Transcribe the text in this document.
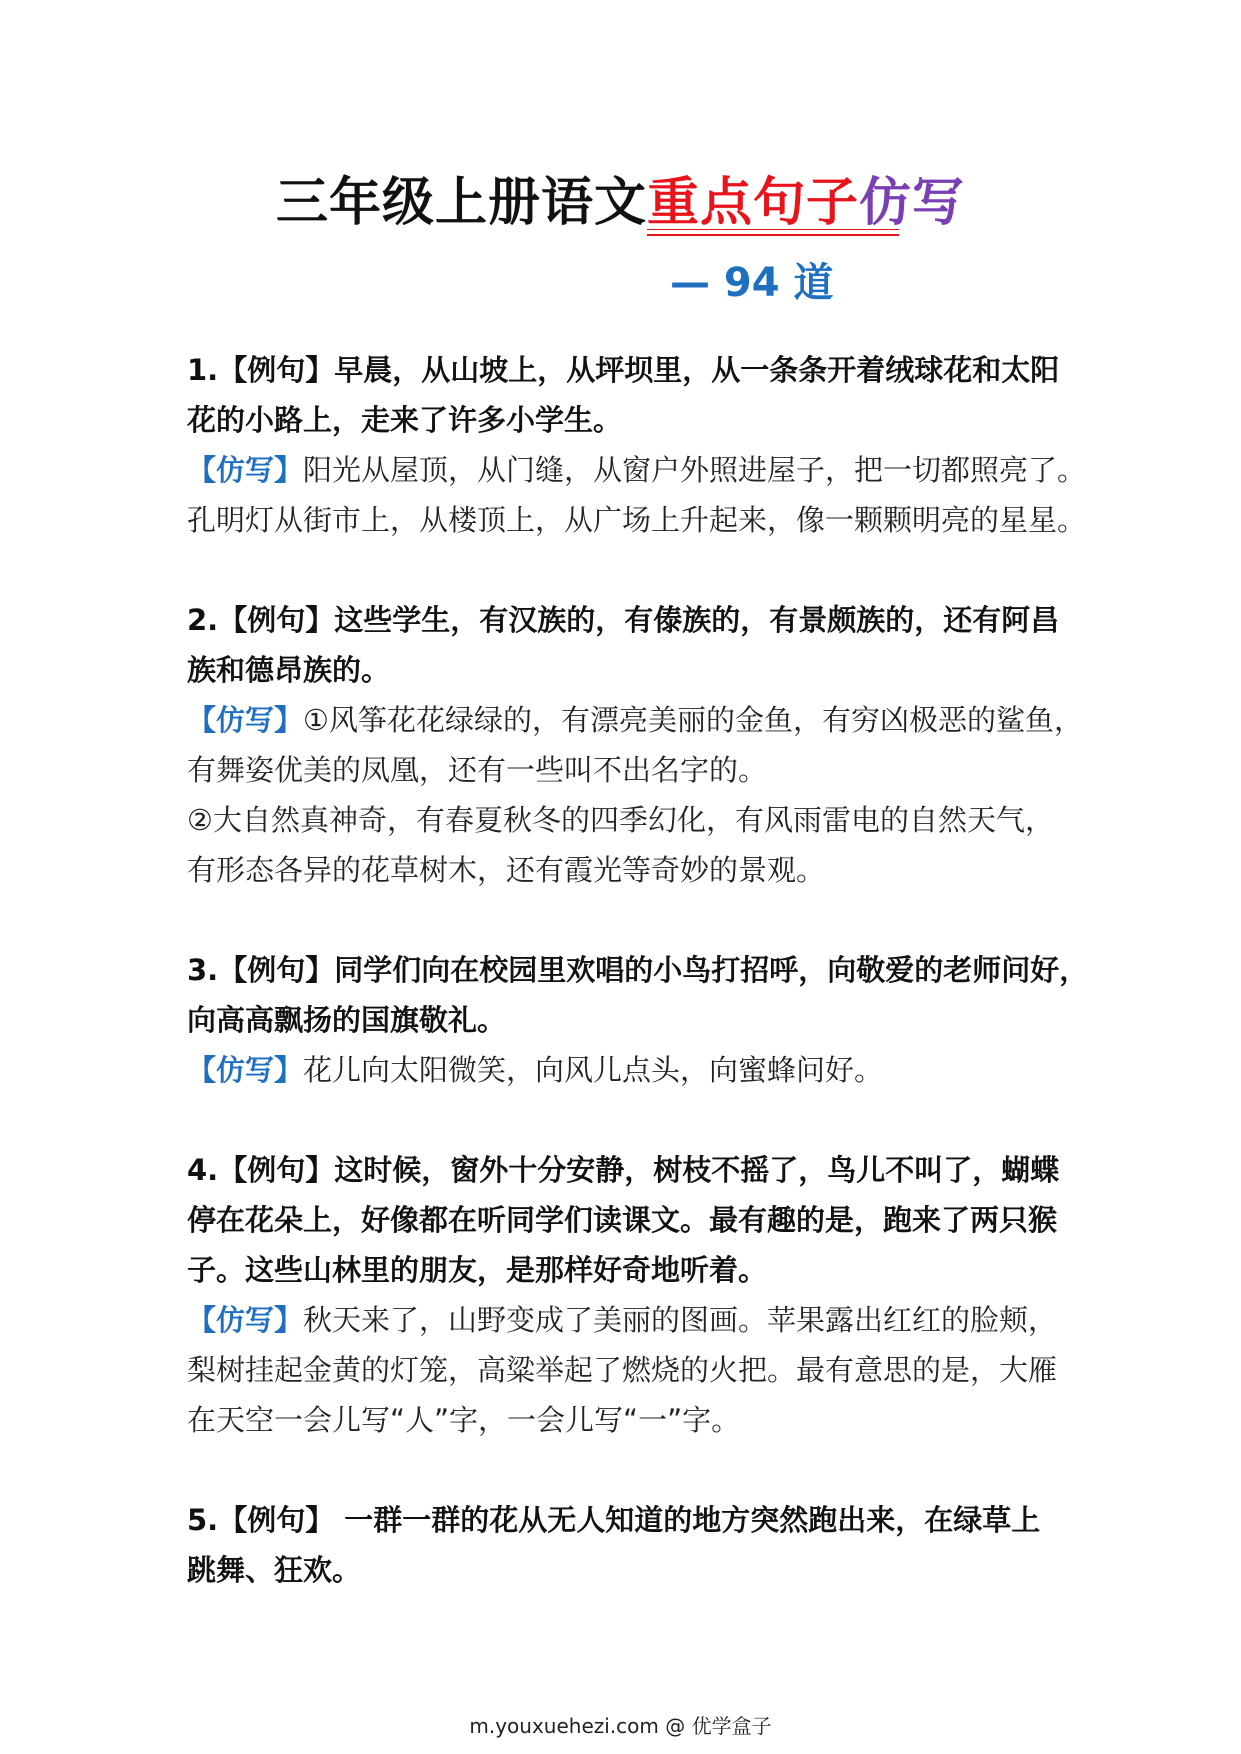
三年级上册语文重点句子仿写
— 94 道
1.【例句】早晨，从山坡上，从坪坝里，从一条条开着绒球花和太阳
花的小路上，走来了许多小学生。
【仿写】阳光从屋顶，从门缝，从窗户外照进屋子，把一切都照亮了。
孔明灯从街市上，从楼顶上，从广场上升起来，像一颗颗明亮的星星。
2.【例句】这些学生，有汉族的，有傣族的，有景颇族的，还有阿昌
族和德昂族的。
【仿写】①风筝花花绿绿的，有漂亮美丽的金鱼，有穷凶极恶的鲨鱼，
有舞姿优美的凤凰，还有一些叫不出名字的。
②大自然真神奇，有春夏秋冬的四季幻化，有风雨雷电的自然天气，
有形态各异的花草树木，还有霞光等奇妙的景观。
3.【例句】同学们向在校园里欢唱的小鸟打招呼，向敬爱的老师问好，
向高高飘扬的国旗敬礼。
【仿写】花儿向太阳微笑，向风儿点头，向蜜蜂问好。
4.【例句】这时候，窗外十分安静，树枝不摇了，鸟儿不叫了，蝴蝶
停在花朵上，好像都在听同学们读课文。最有趣的是，跑来了两只猴
子。这些山林里的朋友，是那样好奇地听着。
【仿写】秋天来了，山野变成了美丽的图画。苹果露出红红的脸颊，
梨树挂起金黄的灯笼，高粱举起了燃烧的火把。最有意思的是，大雁
在天空一会儿写“人”字，一会儿写“一”字。
5.【例句】 一群一群的花从无人知道的地方突然跑出来，在绿草上
跳舞、狂欢。
m.youxuehezi.com @ 优学盒子
